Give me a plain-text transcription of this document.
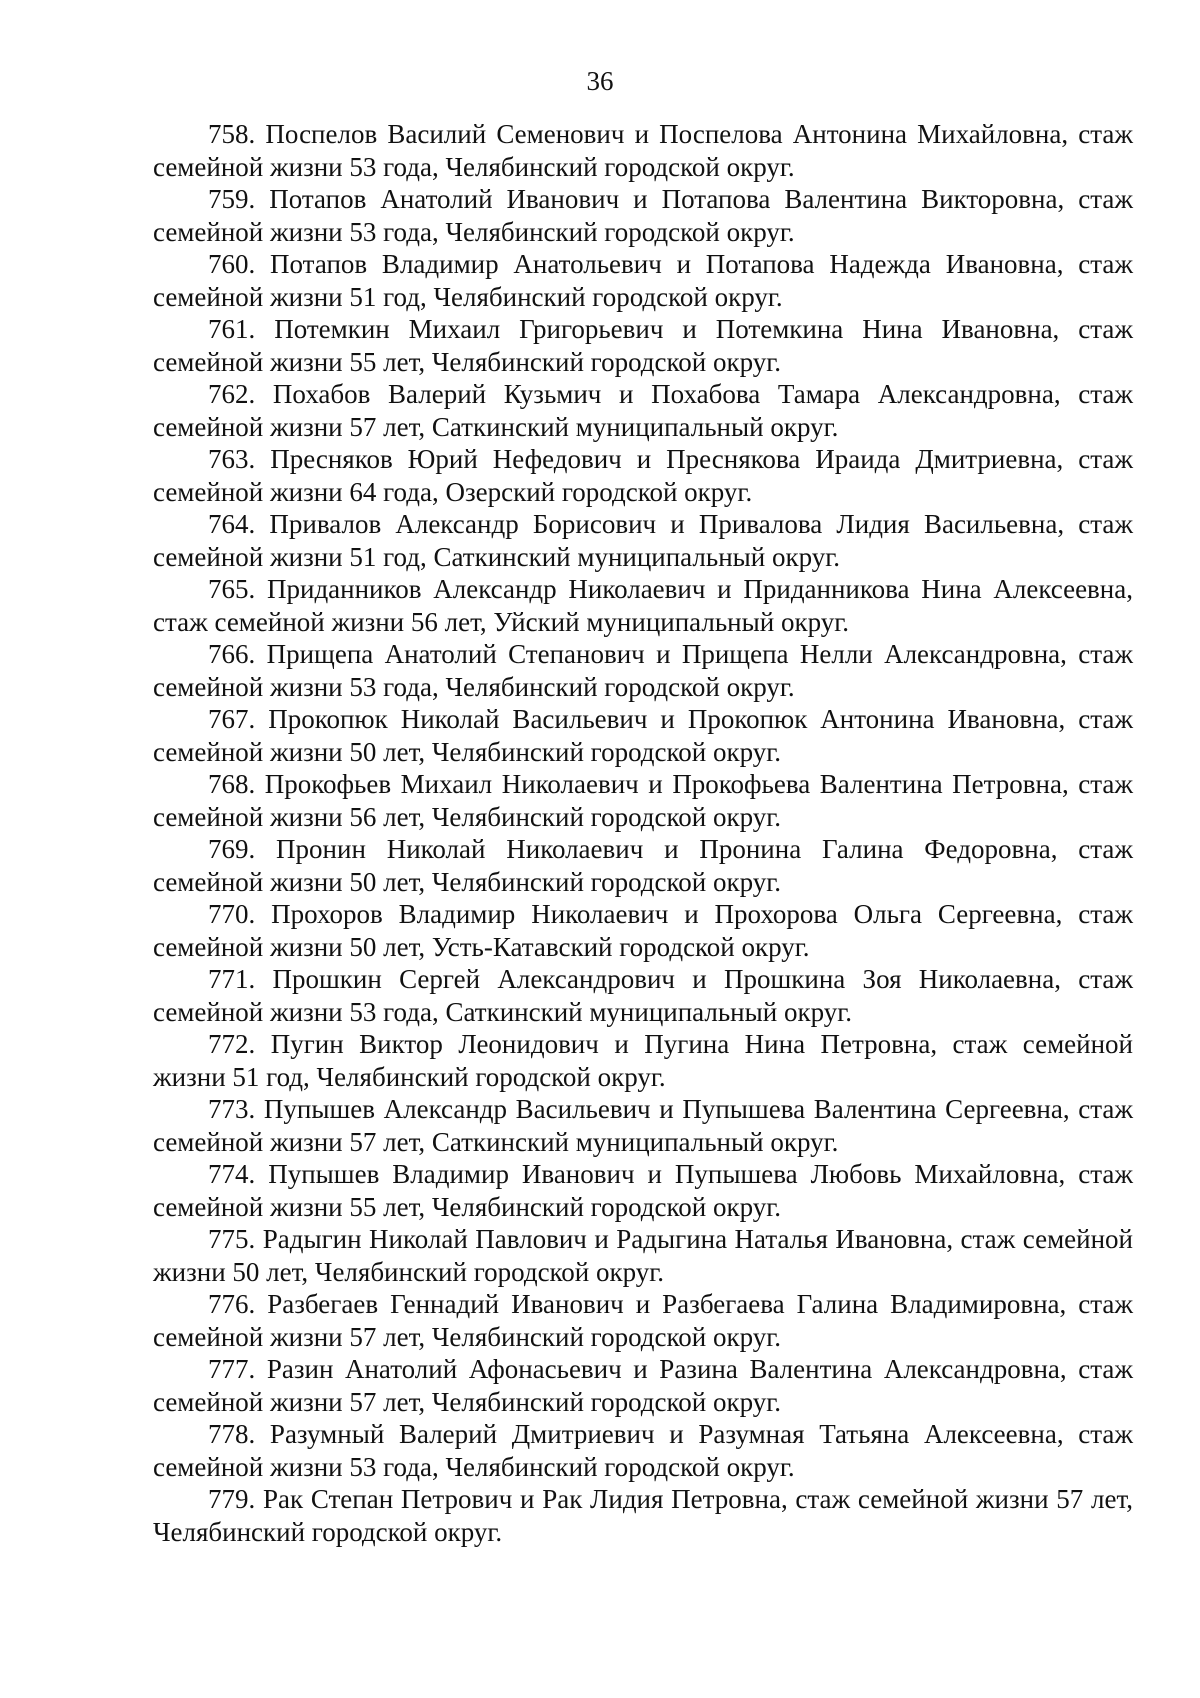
36

758. Поспелов Василий Семенович и Поспелова Антонина Михайловна, стаж семейной жизни 53 года, Челябинский городской округ.

759. Потапов Анатолий Иванович и Потапова Валентина Викторовна, стаж семейной жизни 53 года, Челябинский городской округ.

760. Потапов Владимир Анатольевич и Потапова Надежда Ивановна, стаж семейной жизни 51 год, Челябинский городской округ.

761. Потемкин Михаил Григорьевич и Потемкина Нина Ивановна, стаж семейной жизни 55 лет, Челябинский городской округ.

762. Похабов Валерий Кузьмич и Похабова Тамара Александровна, стаж семейной жизни 57 лет, Саткинский муниципальный округ.

763. Пресняков Юрий Нефедович и Преснякова Ираида Дмитриевна, стаж семейной жизни 64 года, Озерский городской округ.

764. Привалов Александр Борисович и Привалова Лидия Васильевна, стаж семейной жизни 51 год, Саткинский муниципальный округ.

765. Приданников Александр Николаевич и Приданникова Нина Алексеевна, стаж семейной жизни 56 лет, Уйский муниципальный округ.

766. Прищепа Анатолий Степанович и Прищепа Нелли Александровна, стаж семейной жизни 53 года, Челябинский городской округ.

767. Прокопюк Николай Васильевич и Прокопюк Антонина Ивановна, стаж семейной жизни 50 лет, Челябинский городской округ.

768. Прокофьев Михаил Николаевич и Прокофьева Валентина Петровна, стаж семейной жизни 56 лет, Челябинский городской округ.

769. Пронин Николай Николаевич и Пронина Галина Федоровна, стаж семейной жизни 50 лет, Челябинский городской округ.

770. Прохоров Владимир Николаевич и Прохорова Ольга Сергеевна, стаж семейной жизни 50 лет, Усть-Катавский городской округ.

771. Прошкин Сергей Александрович и Прошкина Зоя Николаевна, стаж семейной жизни 53 года, Саткинский муниципальный округ.

772. Пугин Виктор Леонидович и Пугина Нина Петровна, стаж семейной жизни 51 год, Челябинский городской округ.

773. Пупышев Александр Васильевич и Пупышева Валентина Сергеевна, стаж семейной жизни 57 лет, Саткинский муниципальный округ.

774. Пупышев Владимир Иванович и Пупышева Любовь Михайловна, стаж семейной жизни 55 лет, Челябинский городской округ.

775. Радыгин Николай Павлович и Радыгина Наталья Ивановна, стаж семейной жизни 50 лет, Челябинский городской округ.

776. Разбегаев Геннадий Иванович и Разбегаева Галина Владимировна, стаж семейной жизни 57 лет, Челябинский городской округ.

777. Разин Анатолий Афонасьевич и Разина Валентина Александровна, стаж семейной жизни 57 лет, Челябинский городской округ.

778. Разумный Валерий Дмитриевич и Разумная Татьяна Алексеевна, стаж семейной жизни 53 года, Челябинский городской округ.

779. Рак Степан Петрович и Рак Лидия Петровна, стаж семейной жизни 57 лет, Челябинский городской округ.
